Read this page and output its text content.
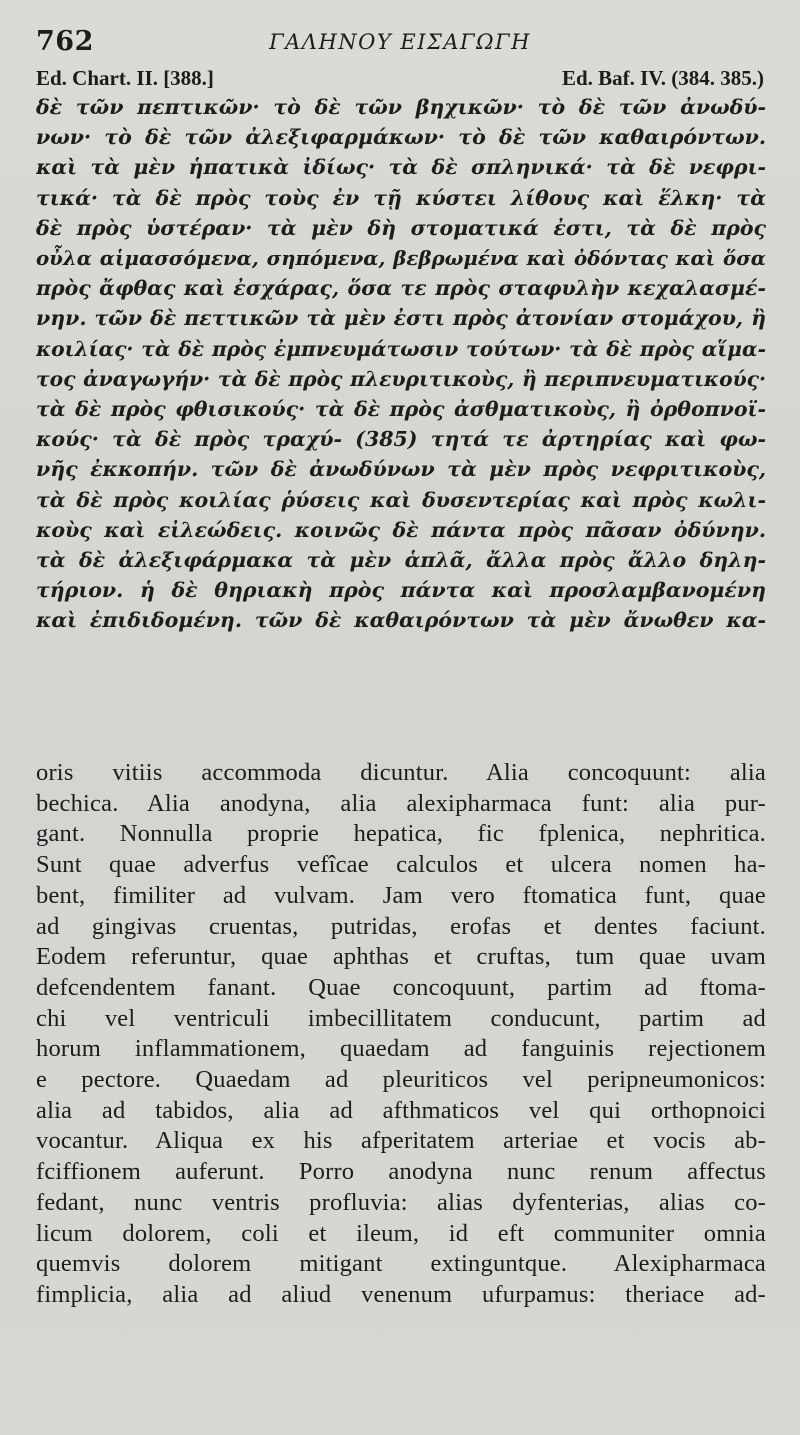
762	ΓΑΛΗΝΟΥ ΕΙΣΑΓΩΓΗ
Ed. Chart. II. [388.]	Ed. Baf. IV. (384. 385.)
δὲ τῶν πεπτικῶν· τὸ δὲ τῶν βηχικῶν· τὸ δὲ τῶν ἀνωδύ-
νων· τὸ δὲ τῶν ἀλεξιφαρμάκων· τὸ δὲ τῶν καθαιρόντων.
καὶ τὰ μὲν ἡπατικὰ ἰδίως· τὰ δὲ σπληνικά· τὰ δὲ νεφρι-
τικά· τὰ δὲ πρὸς τοὺς ἐν τῇ κύστει λίθους καὶ ἕλκη· τὰ
δὲ πρὸς ὑστέραν· τὰ μὲν δὴ στοματικά ἐστι, τὰ δὲ πρὸς
οὖλα αἱμασσόμενα, σηπόμενα, βεβρωμένα καὶ ὀδόντας καὶ ὅσα
πρὸς ἄφθας καὶ ἐσχάρας, ὅσα τε πρὸς σταφυλὴν κεχαλασμέ-
νην. τῶν δὲ πεττικῶν τὰ μὲν ἐστι πρὸς ἀτονίαν στομάχου, ἢ
κοιλίας· τὰ δὲ πρὸς ἐμπνευμάτωσιν τούτων· τὰ δὲ πρὸς αἵμα-
τος ἀναγωγήν· τὰ δὲ πρὸς πλευριτικοὺς, ἢ περιπνευματικούς·
τὰ δὲ πρὸς φθισικούς· τὰ δὲ πρὸς ἀσθματικοὺς, ἢ ὀρθοπνοϊ-
κούς· τὰ δὲ πρὸς τραχύ- (385) τητά τε ἀρτηρίας καὶ φω-
νῆς ἐκκοπήν. τῶν δὲ ἀνωδύνων τὰ μὲν πρὸς νεφριτικοὺς,
τὰ δὲ πρὸς κοιλίας ῥύσεις καὶ δυσεντερίας καὶ πρὸς κωλι-
κοὺς καὶ εἰλεώδεις. κοινῶς δὲ πάντα πρὸς πᾶσαν ὀδύνην.
τὰ δὲ ἀλεξιφάρμακα τὰ μὲν ἁπλᾶ, ἄλλα πρὸς ἄλλο δηλη-
τήριον. ἡ δὲ θηριακὴ πρὸς πάντα καὶ προσλαμβανομένη
καὶ ἐπιδιδομένη. τῶν δὲ καθαιρόντων τὰ μὲν ἄνωθεν κα-
oris vitiis accommoda dicuntur. Alia concoquunt: alia
bechica. Alia anodyna, alia alexipharmaca funt: alia pur-
gant. Nonnulla proprie hepatica, fic fplenica, nephritica.
Sunt quae adverfus vefîcae calculos et ulcera nomen ha-
bent, fimiliter ad vulvam. Jam vero ftomatica funt, quae
ad gingivas cruentas, putridas, erofas et dentes faciunt.
Eodem referuntur, quae aphthas et cruftas, tum quae uvam
defcendentem fanant. Quae concoquunt, partim ad ftoma-
chi vel ventriculi imbecillitatem conducunt, partim ad
horum inflammationem, quaedam ad fanguinis rejectionem
e pectore. Quaedam ad pleuriticos vel peripneumonicos:
alia ad tabidos, alia ad afthmaticos vel qui orthopnoici
vocantur. Aliqua ex his afperitatem arteriae et vocis ab-
fciffionem auferunt. Porro anodyna nunc renum affectus
fedant, nunc ventris profluvia: alias dyfenterias, alias co-
licum dolorem, coli et ileum, id eft communiter omnia
quemvis dolorem mitigant extinguntque. Alexipharmaca
fimplicia, alia ad aliud venenum ufurpamus: theriace ad-
